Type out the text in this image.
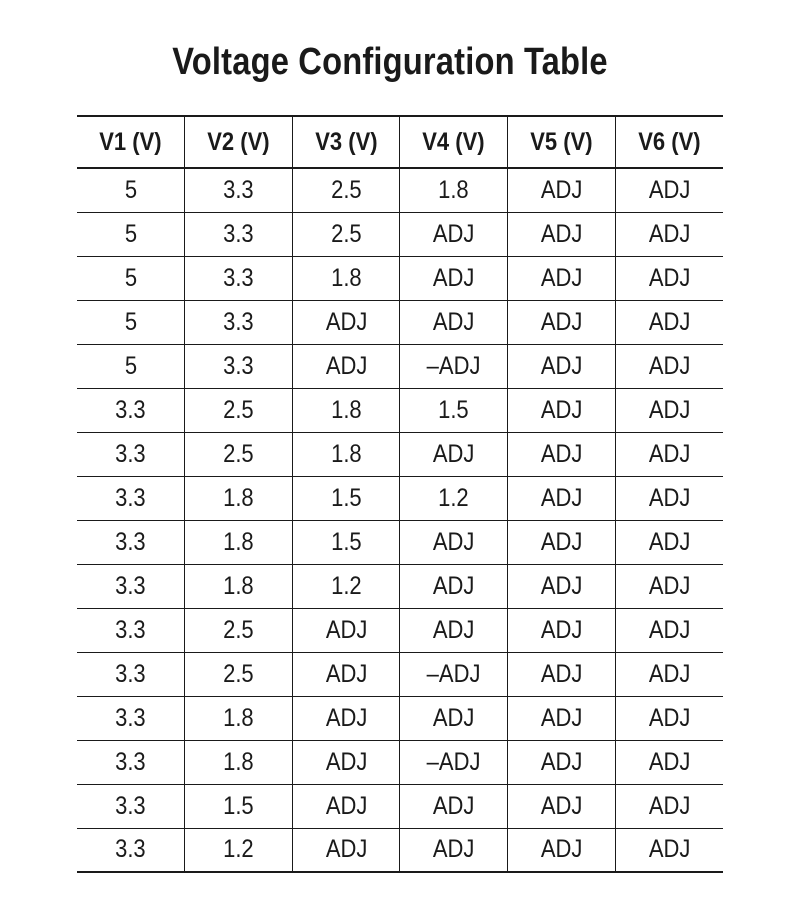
Voltage Configuration Table
V1 (V)	V2 (V)	V3 (V)	V4 (V)	V5 (V)	V6 (V)
5	3.3	2.5	1.8	ADJ	ADJ
5	3.3	2.5	ADJ	ADJ	ADJ
5	3.3	1.8	ADJ	ADJ	ADJ
5	3.3	ADJ	ADJ	ADJ	ADJ
5	3.3	ADJ	–ADJ	ADJ	ADJ
3.3	2.5	1.8	1.5	ADJ	ADJ
3.3	2.5	1.8	ADJ	ADJ	ADJ
3.3	1.8	1.5	1.2	ADJ	ADJ
3.3	1.8	1.5	ADJ	ADJ	ADJ
3.3	1.8	1.2	ADJ	ADJ	ADJ
3.3	2.5	ADJ	ADJ	ADJ	ADJ
3.3	2.5	ADJ	–ADJ	ADJ	ADJ
3.3	1.8	ADJ	ADJ	ADJ	ADJ
3.3	1.8	ADJ	–ADJ	ADJ	ADJ
3.3	1.5	ADJ	ADJ	ADJ	ADJ
3.3	1.2	ADJ	ADJ	ADJ	ADJ
